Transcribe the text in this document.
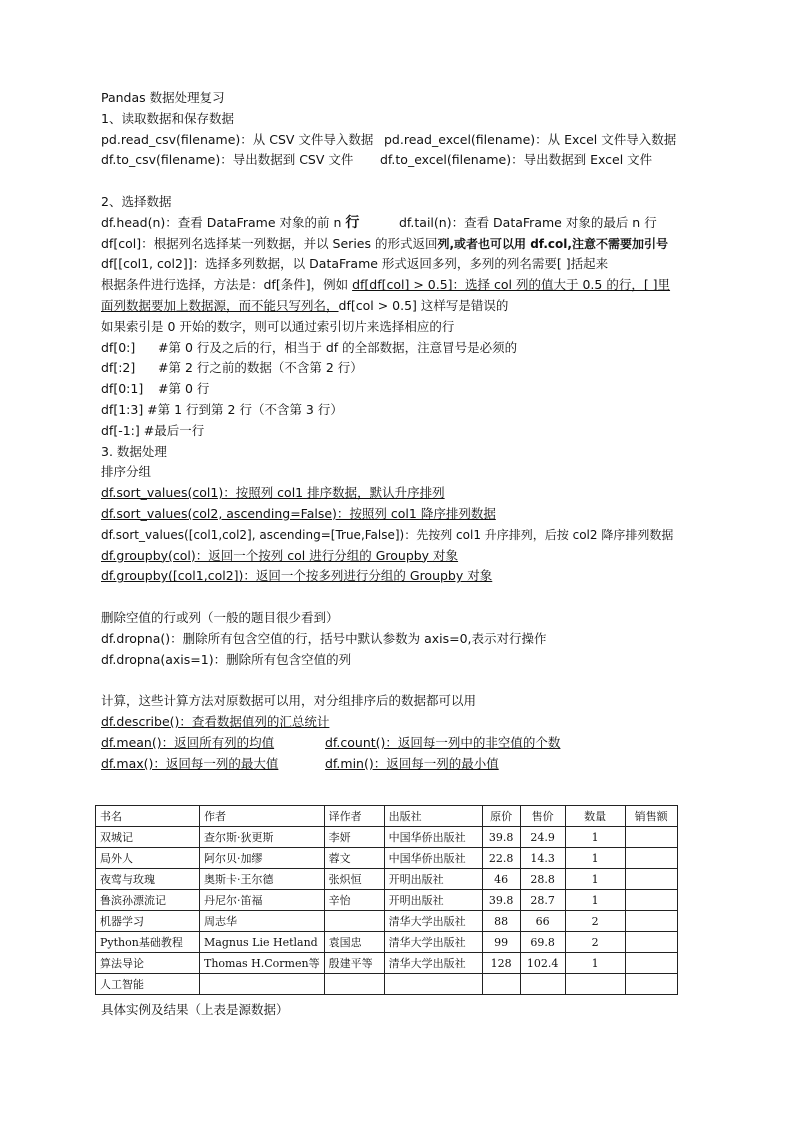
Pandas 数据处理复习
1、读取数据和保存数据
pd.read_csv(filename)：从 CSV 文件导入数据 pd.read_excel(filename)：从 Excel 文件导入数据
df.to_csv(filename)：导出数据到 CSV 文件	df.to_excel(filename)：导出数据到 Excel 文件
2、选择数据
df.head(n)：查看 DataFrame 对象的前 n 行	df.tail(n)：查看 DataFrame 对象的最后 n 行
df[col]：根据列名选择某一列数据，并以 Series 的形式返回列,或者也可以用 df.col,注意不需要加引号
df[[col1, col2]]：选择多列数据，以 DataFrame 形式返回多列，多列的列名需要[ ]括起来
根据条件进行选择，方法是：df[条件]，例如 df[df[col] > 0.5]：选择 col 列的值大于 0.5 的行，[ ]里
面列数据要加上数据源，而不能只写列名，df[col > 0.5] 这样写是错误的
如果索引是 0 开始的数字，则可以通过索引切片来选择相应的行
df[0:] #第 0 行及之后的行，相当于 df 的全部数据，注意冒号是必须的
df[:2] #第 2 行之前的数据（不含第 2 行）
df[0:1] #第 0 行
df[1:3] #第 1 行到第 2 行（不含第 3 行）
df[-1:] #最后一行
3. 数据处理
排序分组
df.sort_values(col1)：按照列 col1 排序数据，默认升序排列
df.sort_values(col2, ascending=False)：按照列 col1 降序排列数据
df.sort_values([col1,col2], ascending=[True,False])：先按列 col1 升序排列，后按 col2 降序排列数据
df.groupby(col)：返回一个按列 col 进行分组的 Groupby 对象
df.groupby([col1,col2])：返回一个按多列进行分组的 Groupby 对象
删除空值的行或列（一般的题目很少看到）
df.dropna()：删除所有包含空值的行，括号中默认参数为 axis=0,表示对行操作
df.dropna(axis=1)：删除所有包含空值的列
计算，这些计算方法对原数据可以用，对分组排序后的数据都可以用
df.describe()：查看数据值列的汇总统计
df.mean()：返回所有列的均值	df.count()：返回每一列中的非空值的个数
df.max()：返回每一列的最大值	df.min()：返回每一列的最小值
书名	作者	译作者	出版社	原价	售价	数量	销售额
双城记	查尔斯·狄更斯	李妍	中国华侨出版社	39.8	24.9	1	
局外人	阿尔贝·加缪	蓉文	中国华侨出版社	22.8	14.3	1	
夜莺与玫瑰	奥斯卡·王尔德	张炽恒	开明出版社	46	28.8	1	
鲁滨孙漂流记	丹尼尔·笛福	辛怡	开明出版社	39.8	28.7	1	
机器学习	周志华		清华大学出版社	88	66	2	
Python基础教程	Magnus Lie Hetland	袁国忠	清华大学出版社	99	69.8	2	
算法导论	Thomas H.Cormen等	殷建平等	清华大学出版社	128	102.4	1	
人工智能							
具体实例及结果（上表是源数据）
